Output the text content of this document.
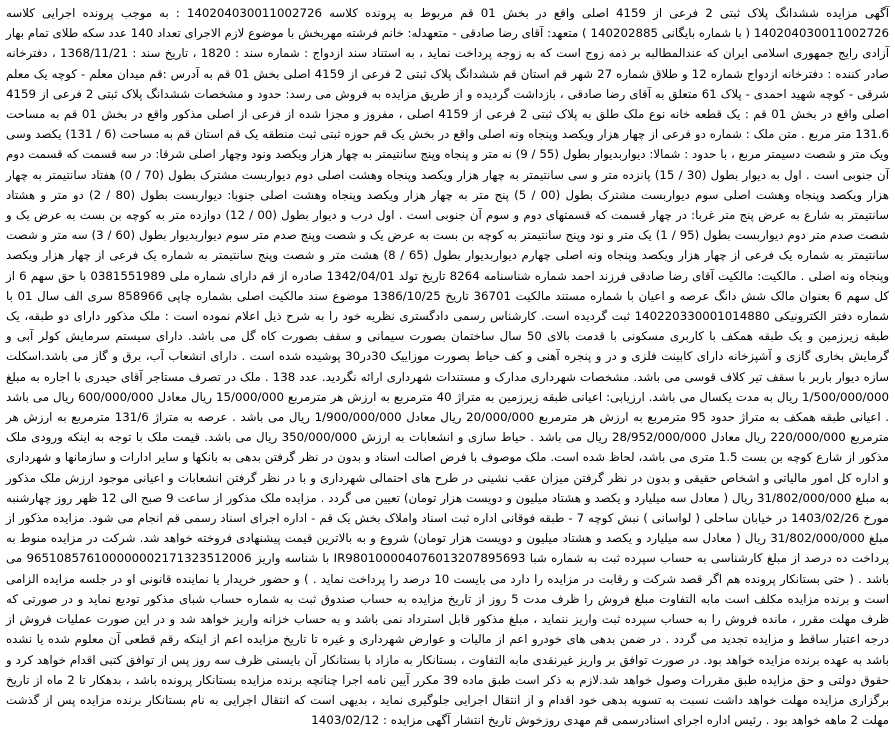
آگهی مزایده ششدانگ پلاک ثبتی 2 فرعی از 4159 اصلی واقع در بخش 01 قم مربوط به پرونده کلاسه 140204030011002726 : به موجب پرونده اجرایی کلاسه 140204030011002726 ( با شماره بایگانی 140202885 ) متعهد: آقای رضا صادقی - متعهدله: خانم فرشته مهربخش با موضوع لازم الاجرای تعداد 140 عدد سکه طلای تمام بهار آزادی رایج جمهوری اسلامی ایران که عندالمطالبه بر ذمه زوج است که به زوجه پرداخت نماید ، به استناد سند ازدواج : شماره سند : 1820 ، تاریخ سند : 1368/11/21 ، دفترخانه صادر کننده : دفترخانه ازدواج شماره 12 و طلاق شماره 27 شهر قم استان قم ششدانگ پلاک ثبتی 2 فرعی از 4159 اصلی بخش 01 قم به آدرس :قم میدان معلم - کوچه یک معلم شرقی - کوچه شهید احمدی - پلاک 61 متعلق به آقای رضا صادقی ، بازداشت گردیده و از طریق مزایده به فروش می رسد: حدود و مشخصات ششدانگ پلاک ثبتی 2 فرعی از 4159 اصلی واقع در بخش 01 قم : یک قطعه خانه نوع ملک طلق به پلاک ثبتی 2 فرعی از 4159 اصلی ، مفروز و مجزا شده از فرعی از اصلی مذکور واقع در بخش 01 قم به مساحت 131.6 متر مربع . متن ملک : شماره دو فرعی از چهار هزار ویکصد وپنجاه ونه اصلی واقع در بخش یک قم حوزه ثبتی ثبت منطقه یک قم استان قم به مساحت (6 / 131) یکصد وسی ویک متر و شصت دسیمتر مربع ، با حدود : شمالا: دیواربدیوار بطول (55 / 9) نه متر و پنجاه وپنج سانتیمتر به چهار هزار ویکصد ونود وچهار اصلی شرقا: در سه قسمت که قسمت دوم آن جنوبی است . اول به دیوار بطول (30 / 15) پانزده متر و سی سانتیمتر به چهار هزار ویکصد وپنجاه وهشت اصلی دوم دیواربست مشترک بطول (70 / 0) هفتاد سانتیمتر به چهار هزار ویکصد وپنجاه وهشت اصلی سوم دیواربست مشترک بطول (00 / 5) پنج متر به چهار هزار ویکصد وپنجاه وهشت اصلی جنوبا: دیواربست بطول (80 / 2) دو متر و هشتاد سانتیمتر به شارع به عرض پنج متر غربا: در چهار قسمت که قسمتهای دوم و سوم آن جنوبی است . اول درب و دیوار بطول (00 / 12) دوازده متر به کوچه بن بست به عرض یک و شصت صدم متر دوم دیواربست بطول (95 / 1) یک متر و نود وپنج سانتیمتر به کوچه بن بست به عرض یک و شصت وپنج صدم متر سوم دیواربدیوار بطول (60 / 3) سه متر و شصت سانتیمتر به شماره یک فرعی از چهار هزار ویکصد وپنجاه ونه اصلی چهارم دیواربدیوار بطول (65 / 8) هشت متر و شصت وپنج سانتیمتر به شماره یک فرعی از چهار هزار ویکصد وپنجاه ونه اصلی . مالکیت: مالکیت آقای رضا صادقی فرزند احمد شماره شناسنامه 8264 تاریخ تولد 1342/04/01 صادره از قم دارای شماره ملی 0381551989 با حق سهم 6 از کل سهم 6 بعنوان مالک شش دانگ عرصه و اعیان با شماره مستند مالکیت 36701 تاریخ 1386/10/25 موضوع سند مالکیت اصلی بشماره چاپی 858966 سری الف سال 01 با شماره دفتر الکترونیکی 140220330001014880 ثبت گردیده است. کارشناس رسمی دادگستری نظریه خود را به شرح ذیل اعلام نموده است : ملک مذکور دارای دو طبقه، یک طبقه زیرزمین و یک طبقه همکف با کاربری مسکونی با قدمت بالای 50 سال ساختمان بصورت سیمانی و سقف بصورت کاه گل می باشد. دارای سیستم سرمایش کولر آبی و گرمایش بخاری گازی و آشپزخانه دارای کابینت فلزی و در و پنجره آهنی و کف حیاط بصورت موزاییک 30در30 پوشیده شده است . دارای انشعاب آب، برق و گاز می باشد.اسکلت سازه دیوار باربر با سقف تیر کلاف قوسی می باشد. مشخصات شهرداری مدارک و مستندات شهرداری ارائه نگردید. عدد 138 . ملک در تصرف مستاجر آقای حیدری با اجاره به مبلغ 1/500/000/000 ریال به مدت یکسال می باشد. ارزیابی: اعیانی طبقه زیرزمین به متراژ 40 مترمربع به ارزش هر مترمربع 15/000/000 ریال معادل 600/000/000 ریال می باشد . اعیانی طبقه همکف به متراژ حدود 95 مترمربع به ارزش هر مترمربع 20/000/000 ریال معادل 1/900/000/000 ریال می باشد . عرصه به متراژ 131/6 مترمربع به ارزش هر مترمربع 220/000/000 ریال معادل 28/952/000/000 ریال می باشد . حیاط سازی و انشعابات به ارزش 350/000/000 ریال می باشد. قیمت ملک با توجه به اینکه ورودی ملک مذکور از شارع کوچه بن بست 1.5 متری می باشد، لحاظ شده است. ملک موصوف با فرض اصالت اسناد و بدون در نظر گرفتن بدهی به بانکها و سایر ادارات و سازمانها و شهرداری و اداره کل امور مالیاتی و اشخاص حقیقی و بدون در نظر گرفتن میزان عقب نشینی در طرح های احتمالی شهرداری و با در نظر گرفتن انشعابات و اعیانی موجود ارزش ملک مذکور به مبلغ 31/802/000/000 ریال ( معادل سه میلیارد و یکصد و هشتاد میلیون و دویست هزار تومان) تعیین می گردد . مزایده ملک مذکور از ساعت 9 صبح الی 12 ظهر روز چهارشنبه مورخ 1403/02/26 در خیابان ساحلی ( لواسانی ) نبش کوچه 7 - طبقه فوقانی اداره ثبت اسناد واملاک بخش یک قم - اداره اجرای اسناد رسمی قم انجام می شود. مزایده مذکور از مبلغ 31/802/000/000 ریال ( معادل سه میلیارد و یکصد و هشتاد میلیون و دویست هزار تومان) شروع و به بالاترین قیمت پیشنهادی فروخته خواهد شد. شرکت در مزایده منوط به پرداخت ده درصد از مبلغ کارشناسی به حساب سپرده ثبت به شماره شبا IR980100004076013207895693 با شناسه واریز 965108576100000002171323512006 می باشد . ( حتی بستانکار پرونده هم اگر قصد شرکت و رقابت در مزایده را دارد می بایست 10 درصد را پرداخت نماید . ) و حضور خریدار یا نماینده قانونی او در جلسه مزایده الزامی است و برنده مزایده مکلف است مابه التفاوت مبلغ فروش را ظرف مدت 5 روز از تاریخ مزایده به حساب صندوق ثبت به شماره حساب شبای مذکور تودیع نماید و در صورتی که ظرف مهلت مقرر ، مانده فروش را به حساب سپرده ثبت واریز ننماید ، مبلغ مذکور قابل استرداد نمی باشد و به حساب خزانه واریز خواهد شد و در این صورت عملیات فروش از درجه اعتبار ساقط و مزایده تجدید می گردد . در ضمن بدهی های خودرو اعم از مالیات و عوارض شهرداری و غیره تا تاریخ مزایده اعم از اینکه رقم قطعی آن معلوم شده یا نشده باشد به عهده برنده مزایده خواهد بود. در صورت توافق بر واریز غیرنقدی مابه التفاوت ، بستانکار به مازاد با بستانکار آن بایستی ظرف سه روز پس از توافق کتبی اقدام خواهد کرد و حقوق دولتی و حق مزایده طبق مقررات وصول خواهد شد.لازم به ذکر است طبق ماده 39 مکرر آیین نامه اجرا چنانچه برنده مزایده بستانکار پرونده باشد ، بدهکار تا 2 ماه از تاریخ برگزاری مزایده مهلت خواهد داشت نسبت به تسویه بدهی خود اقدام و از انتقال اجرایی جلوگیری نماید ، بدیهی است که انتقال اجرایی به نام بستانکار برنده مزایده پس از گذشت مهلت 2 ماهه خواهد بود . رئیس اداره اجرای اسنادرسمی قم مهدی روزخوش تاریخ انتشار آگهی مزایده : 1403/02/12
